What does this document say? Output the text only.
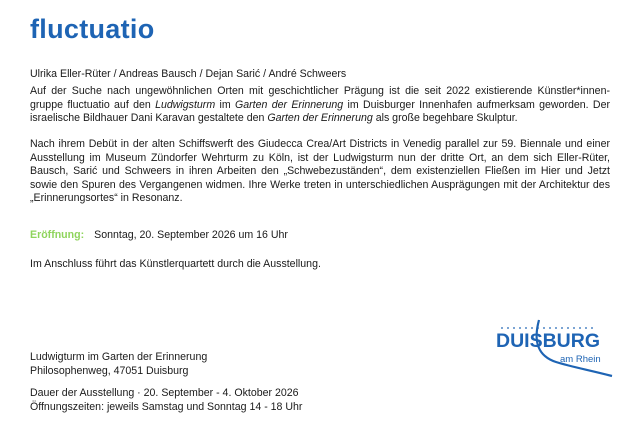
fluctuatio
Ulrika Eller-Rüter / Andreas Bausch / Dejan Sarić / André Schweers

Auf der Suche nach ungewöhnlichen Orten mit geschichtlicher Prägung ist die seit 2022 existierende Künstler*innen-gruppe fluctuatio auf den Ludwigsturm im Garten der Erinnerung im Duisburger Innenhafen aufmerksam geworden. Der israelische Bildhauer Dani Karavan gestaltete den Garten der Erinnerung als große begehbare Skulptur.

Nach ihrem Debüt in der alten Schiffswerft des Giudecca Crea/Art Districts in Venedig parallel zur 59. Biennale und einer Ausstellung im Museum Zündorfer Wehrturm zu Köln, ist der Ludwigsturm nun der dritte Ort, an dem sich Eller-Rüter, Bausch, Sarić und Schweers in ihren Arbeiten den „Schwebezuständen“, dem existenziellen Fließen im Hier und Jetzt sowie den Spuren des Vergangenen widmen. Ihre Werke treten in unterschiedlichen Ausprägungen mit der Architektur des „Erinnerungsortes“ in Resonanz.

Eröffnung: Sonntag, 20. September 2026 um 16 Uhr
Im Anschluss führt das Künstlerquartett durch die Ausstellung.
Ludwigturm im Garten der Erinnerung
Philosophenweg, 47051 Duisburg
Dauer der Ausstellung · 20. September - 4. Oktober 2026
Öffnungszeiten: jeweils Samstag und Sonntag 14 - 18 Uhr
DUISBURG
am Rhein
